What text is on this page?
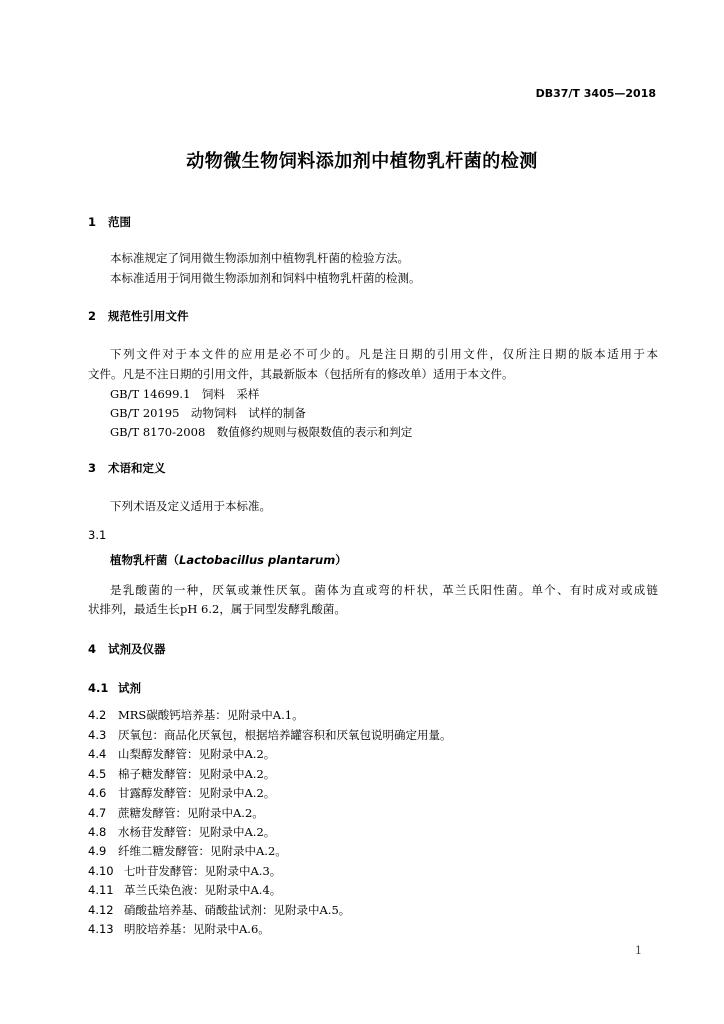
DB37/T 3405—2018
动物微生物饲料添加剂中植物乳杆菌的检测
1 范围
本标准规定了饲用微生物添加剂中植物乳杆菌的检验方法。
本标准适用于饲用微生物添加剂和饲料中植物乳杆菌的检测。
2 规范性引用文件
下列文件对于本文件的应用是必不可少的。凡是注日期的引用文件，仅所注日期的版本适用于本
文件。凡是不注日期的引用文件，其最新版本（包括所有的修改单）适用于本文件。
GB/T 14699.1　饲料　采样
GB/T 20195　动物饲料　试样的制备
GB/T 8170-2008　数值修约规则与极限数值的表示和判定
3 术语和定义
下列术语及定义适用于本标准。
3.1
植物乳杆菌（Lactobacillus plantarum）
是乳酸菌的一种，厌氧或兼性厌氧。菌体为直或弯的杆状，革兰氏阳性菌。单个、有时成对或成链
状排列，最适生长pH 6.2，属于同型发酵乳酸菌。
4 试剂及仪器
4.1 试剂
4.2 MRS碳酸钙培养基：见附录中A.1。
4.3 厌氧包：商品化厌氧包，根据培养罐容积和厌氧包说明确定用量。
4.4 山梨醇发酵管：见附录中A.2。
4.5 棉子糖发酵管：见附录中A.2。
4.6 甘露醇发酵管：见附录中A.2。
4.7 蔗糖发酵管：见附录中A.2。
4.8 水杨苷发酵管：见附录中A.2。
4.9 纤维二糖发酵管：见附录中A.2。
4.10 七叶苷发酵管：见附录中A.3。
4.11 革兰氏染色液：见附录中A.4。
4.12 硝酸盐培养基、硝酸盐试剂：见附录中A.5。
4.13 明胶培养基：见附录中A.6。
1
